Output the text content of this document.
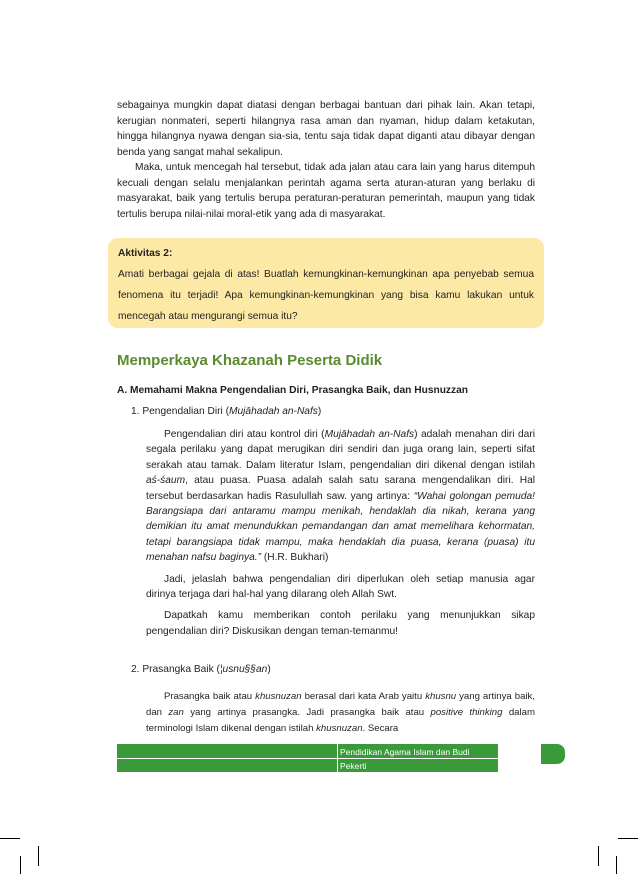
sebagainya mungkin dapat diatasi dengan berbagai bantuan dari pihak lain. Akan tetapi, kerugian nonmateri, seperti hilangnya rasa aman dan nyaman, hidup dalam ketakutan, hingga hilangnya nyawa dengan sia-sia, tentu saja tidak dapat diganti atau dibayar dengan benda yang sangat mahal sekalipun.

Maka, untuk mencegah hal tersebut, tidak ada jalan atau cara lain yang harus ditempuh kecuali dengan selalu menjalankan perintah agama serta aturan-aturan yang berlaku di masyarakat, baik yang tertulis berupa peraturan-peraturan pemerintah, maupun yang tidak tertulis berupa nilai-nilai moral-etik yang ada di masyarakat.

Aktivitas 2:
Amati berbagai gejala di atas! Buatlah kemungkinan-kemungkinan apa penyebab semua fenomena itu terjadi! Apa kemungkinan-kemungkinan yang bisa kamu lakukan untuk mencegah atau mengurangi semua itu?
Memperkaya Khazanah Peserta Didik
A. Memahami Makna Pengendalian Diri, Prasangka Baik, dan Husnuzzan
1. Pengendalian Diri (Mujāhadah an-Nafs)

Pengendalian diri atau kontrol diri (Mujāhadah an-Nafs) adalah menahan diri dari segala perilaku yang dapat merugikan diri sendiri dan juga orang lain, seperti sifat serakah atau tamak. Dalam literatur Islam, pengendalian diri dikenal dengan istilah aś-śaum, atau puasa. Puasa adalah salah satu sarana mengendalikan diri. Hal tersebut berdasarkan hadis Rasulullah saw. yang artinya: “Wahai golongan pemuda! Barangsiapa dari antaramu mampu menikah, hendaklah dia nikah, kerana yang demikian itu amat menundukkan pemandangan dan amat memelihara kehormatan, tetapi barangsiapa tidak mampu, maka hendaklah dia puasa, kerana (puasa) itu menahan nafsu baginya.” (H.R. Bukhari)

Jadi, jelaslah bahwa pengendalian diri diperlukan oleh setiap manusia agar dirinya terjaga dari hal-hal yang dilarang oleh Allah Swt.

Dapatkah kamu memberikan contoh perilaku yang menunjukkan sikap pengendalian diri? Diskusikan dengan teman-temanmu!

2. Prasangka Baik (¦usnu§§an)

Prasangka baik atau khusnuzan berasal dari kata Arab yaitu khusnu yang artinya baik, dan zan yang artinya prasangka. Jadi prasangka baik atau positive thinking dalam terminologi Islam dikenal dengan istilah khusnuzan. Secara

Pendidikan Agama Islam dan Budi
Pekerti
